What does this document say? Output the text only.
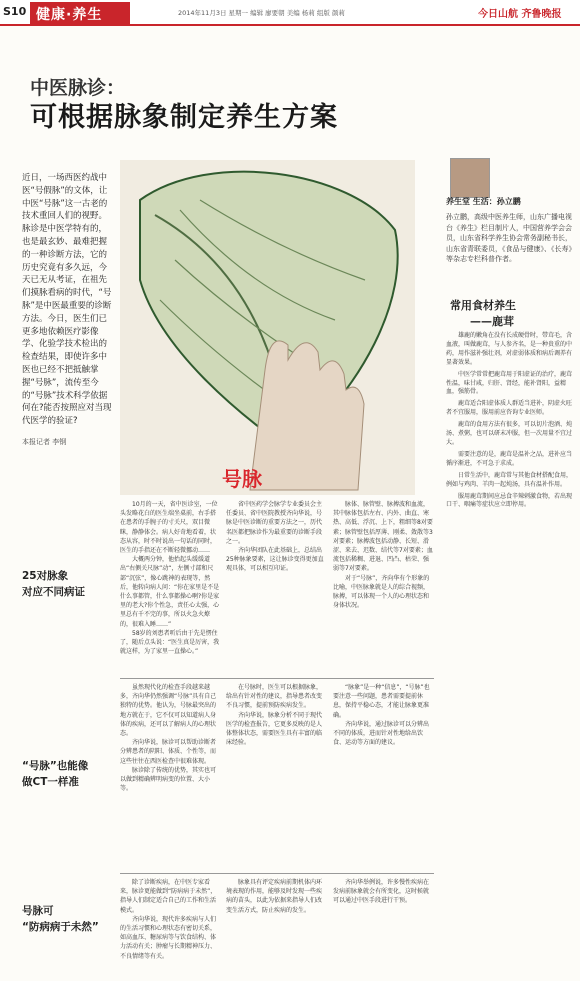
S10 健康·养生	2014年11月3日 星期一 编辑 廖要朝 美编 杨莉 组版 颜莉	今日山航 齐鲁晚报
中医脉诊：
可根据脉象制定养生方案
近日，一场西医约战中医“号假脉”的文体，让中医“号脉”这一古老的技术重回人们的视野。脉诊是中医学特有的，也是最玄妙、最难把握的一种诊断方法，它的历史究竟有多久远，今天已无从考证，在祖先们摸脉看病的时代，“号脉”是中医最重要的诊断方法。今日，医生们已更多地依赖医疗影像学、化验学技术检出的检查结果，即使许多中医也已经不把抵触掌握“号脉”，流传至今的“号脉”技术科学依据何在?能否按照应对当现代医学的验证?
本报记者 李钢
号脉
养生堂 生活：孙立鹏
孙立鹏，高级中医养生师，山东广播电视台《养生》栏目制片人，中国营养学会会员，山东省科学养生协会常务副秘书长，山东省青联委员，《食品与健康》、《长寿》等杂志专栏科普作者。
常用食材养生
——鹿茸

雄鹿的嫩角在没有长成硬骨时，带茸毛，含血液，叫做鹿茸，与人参齐名，是一种贵重的中药，用作滋补强壮剂，对虚弱体质和病后调养有显著效果。

中医学常常把鹿茸用于阳虚证的治疗，鹿茸性温，味甘咸，归肝、肾经，能补肾阳，益精血，强筋骨。

鹿茸适合阳虚体质人群适当进补，阴虚火旺者不宜服用，服用前应咨询专业医师。

鹿茸的食用方法有很多，可以切片泡酒、炖汤、煮粥，也可以研末冲服，但一次用量不宜过大。

需要注意的是，鹿茸是温补之品，进补应当循序渐进，不可急于求成。

日常生活中，鹿茸常与其他食材搭配食用，例如与鸡肉、羊肉一起炖汤，具有温补作用。

服用鹿茸期间应忌食辛辣刺激食物，若出现口干、咽痛等症状应立即停用。

25对脉象
对应不同病证
“号脉”也能像
做CT一样准
号脉可
“防病病于未然”

10月的一天，省中医诊室，一位头发略花白的医生端坐桌前，右手搭在患者的手腕子的寸关尺，双目微眯，静静体会。病人好奇地看着，状态从容，时不时说出一句话的同时，医生的手指还在不断轻微挪动……

大概两分钟，他抬起头缓缓道出“右侧关尺脉”动“，左侧寸部和尺部“沉弦”，像心跳神的表现等，然后，他转向病人问：“你在家里是不是什么事都管，什么事都操心啊?你是家里的老大?你个性急，责任心太强，心里总有千不完的事，所以火急火燎的，很难入睡……”

58岁的刘患者听后由于先是愣住了，随后点头说：“医生真是厉害，我就这样，为了家里一直操心。”

省中医药学会脉学专业委员会主任委员、省中医院教授齐向华说，号脉是中医诊断的重要方法之一，历代名医都把脉诊作为最重要的诊断手段之一。

齐向华团队在此基础上，总结出25种脉象要素，这让脉诊变得更加直观具体，可以相互印证。

脉体、脉管壁、脉搏波和血流，其中脉体包括左右、内外、曲直、寒热、高低、浮沉、上下，粗细等8对要素；脉管壁包括厚薄、刚柔、敛散等3对要素；脉搏波包括动静、长短、滑涩、来去、迟数、结代等7对要素；血流包括稀稠、进退、凹凸、枯荣、强弱等7对要素。

对于“号脉”，齐向华有个形象的比喻，中医脉象就是人的综合视频，脉搏，可以体现一个人的心理状态和身体状况。

虽然现代化的检查手段越来越多，齐向华仍然强调“号脉”具有自己独特的优势。他认为，号脉最突出的地方就在于，它不仅可以知道病人身体的疾病，还可以了解病人的心理状态。

齐向华说，脉诊可以帮助诊断者分辨患者的阴阳、体质、个性等，而这些往往在西医检查中很难体现。

脉诊除了传统的优势，其实也可以做到精确辨明病变的位置、大小等。

在号脉时，医生可以根据脉象，给出有针对性的建议，指导患者改变不良习惯，提前预防疾病发生。

齐向华说，脉象分析不同于现代医学的检查报告，它更多反映的是人体整体状态，需要医生具有丰富的临床经验。

“脉象”是一种“信息”，“号脉”也要注意一些问题，患者需要提前休息，保持平稳心态，才能让脉象更准确。

齐向华说，通过脉诊可以分辨出不同的体质，进而针对性地给出饮食、运动等方面的建议。

除了诊断疾病，在中医专家看来，脉诊更能做到“防病病于未然”，指导人们制定适合自己的工作和生活模式。

齐向华说，现代许多疾病与人们的生活习惯和心理状态有密切关系，如高血压、糖尿病等与饮食结构、体力活动有关；肿瘤与长期精神压力、不良情绪等有关。

脉象具有评定疾病前期机体内环境表现的作用，能够及时发现一些疾病的苗头，以此为依据来指导人们改变生活方式，防止疾病的发生。

齐向华举例说，许多慢性疾病在发病前脉象就会有所变化，这时候就可以通过中医手段进行干预。
